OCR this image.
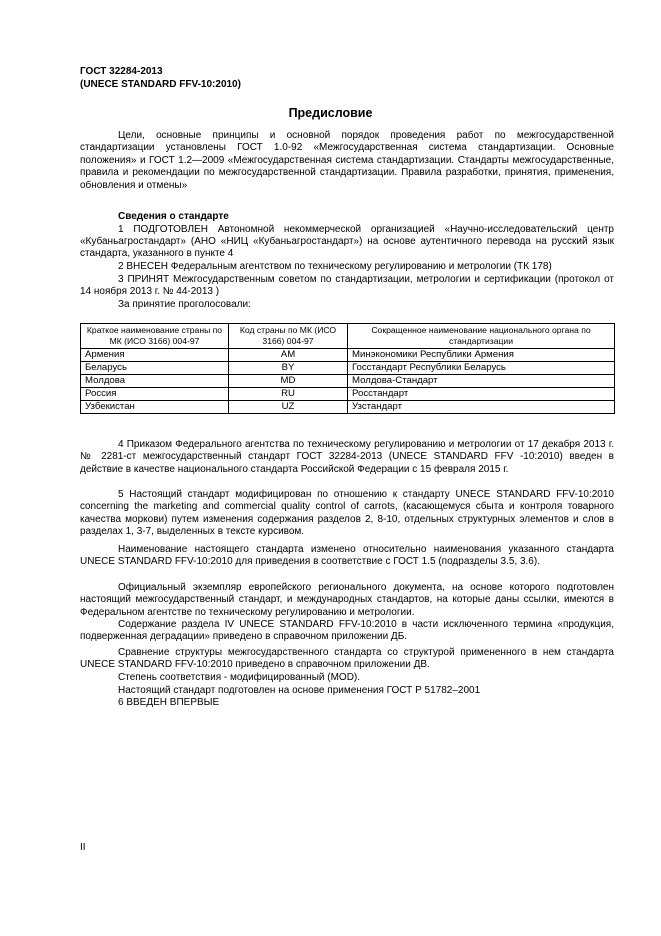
ГОСТ 32284-2013
(UNECE STANDARD FFV-10:2010)
Предисловие

Цели, основные принципы и основной порядок проведения работ по межгосударственной стандартизации установлены ГОСТ 1.0-92 «Межгосударственная система стандартизации. Основные положения» и ГОСТ 1.2—2009 «Межгосударственная система стандартизации. Стандарты межгосударственные, правила и рекомендации по межгосударственной стандартизации. Правила разработки, принятия, применения, обновления и отмены»

Сведения о стандарте

1 ПОДГОТОВЛЕН Автономной некоммерческой организацией «Научно-исследовательский центр «Кубаньагростандарт» (АНО «НИЦ «Кубаньагростандарт») на основе аутентичного перевода на русский язык стандарта, указанного в пункте 4

2 ВНЕСЕН Федеральным агентством по техническому регулированию и метрологии (ТК 178)

3 ПРИНЯТ Межгосударственным советом по стандартизации, метрологии и сертификации (протокол от 14 ноября 2013 г. № 44-2013 )

За принятие проголосовали:

Краткое наименование страны по МК (ИСО 3166) 004-97	Код страны по МК (ИСО 3166) 004-97	Сокращенное наименование национального органа по стандартизации
Армения	AM	Минэкономики Республики Армения
Беларусь	BY	Госстандарт Республики Беларусь
Молдова	MD	Молдова-Стандарт
Россия	RU	Росстандарт
Узбекистан	UZ	Узстандарт

4 Приказом Федерального агентства по техническому регулированию и метрологии от 17 декабря 2013 г. № 2281-ст межгосударственный стандарт ГОСТ 32284-2013 (UNECE STANDARD FFV -10:2010) введен в действие в качестве национального стандарта Российской Федерации с 15 февраля 2015 г.

5 Настоящий стандарт модифицирован по отношению к стандарту UNECE STANDARD FFV-10:2010 concerning the marketing and commercial quality control of carrots, (касающемуся сбыта и контроля товарного качества моркови) путем изменения содержания разделов 2, 8-10, отдельных структурных элементов и слов в разделах 1, 3-7, выделенных в тексте курсивом.

Наименование настоящего стандарта изменено относительно наименования указанного стандарта UNECE STANDARD FFV-10:2010 для приведения в соответствие с ГОСТ 1.5 (подразделы 3.5, 3.6).

Официальный экземпляр европейского регионального документа, на основе которого подготовлен настоящий межгосударственный стандарт, и международных стандартов, на которые даны ссылки, имеются в Федеральном агентстве по техническому регулированию и метрологии.

Содержание раздела IV UNECE STANDARD FFV-10:2010 в части исключенного термина «продукция, подверженная деградации» приведено в справочном приложении ДБ.

Сравнение структуры межгосударственного стандарта со структурой примененного в нем стандарта UNECE STANDARD FFV-10:2010 приведено в справочном приложении ДВ.

Степень соответствия - модифицированный (MOD).

Настоящий стандарт подготовлен на основе применения ГОСТ Р 51782–2001

6 ВВЕДЕН ВПЕРВЫЕ

II
